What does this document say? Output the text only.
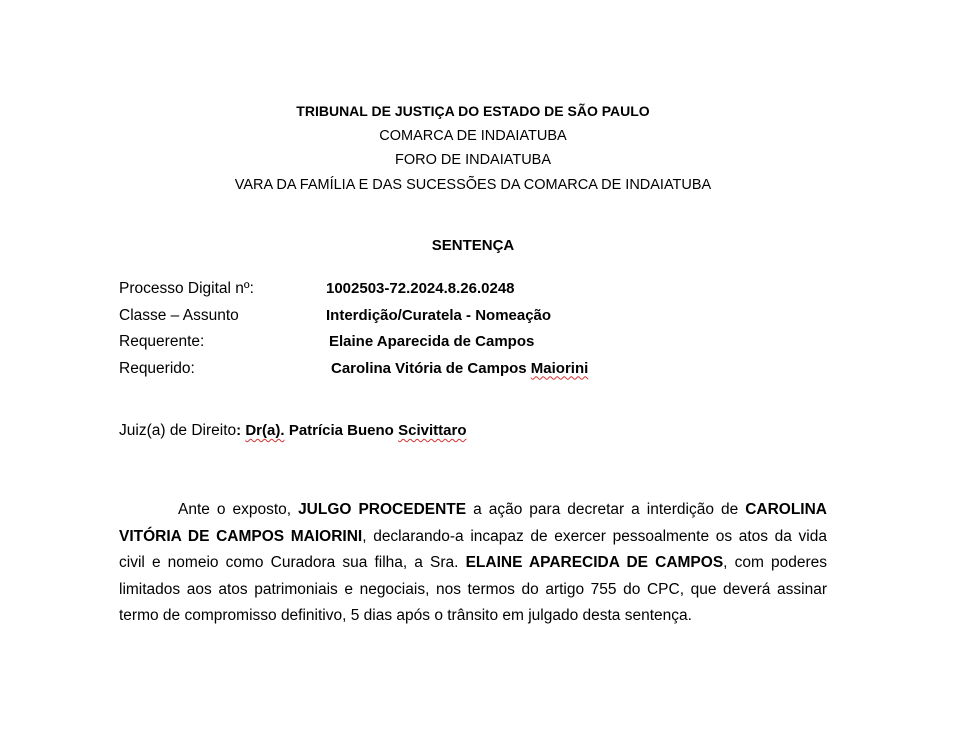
TRIBUNAL DE JUSTIÇA DO ESTADO DE SÃO PAULO
COMARCA DE INDAIATUBA
FORO DE INDAIATUBA
VARA DA FAMÍLIA E DAS SUCESSÕES DA COMARCA DE INDAIATUBA
SENTENÇA
Processo Digital nº:	1002503-72.2024.8.26.0248
Classe – Assunto	Interdição/Curatela - Nomeação
Requerente:	Elaine Aparecida de Campos
Requerido:	Carolina Vitória de Campos Maiorini
Juiz(a) de Direito: Dr(a). Patrícia Bueno Scivittaro

Ante o exposto, JULGO PROCEDENTE a ação para decretar a interdição de CAROLINA VITÓRIA DE CAMPOS MAIORINI, declarando-a incapaz de exercer pessoalmente os atos da vida civil e nomeio como Curadora sua filha, a Sra. ELAINE APARECIDA DE CAMPOS, com poderes limitados aos atos patrimoniais e negociais, nos termos do artigo 755 do CPC, que deverá assinar termo de compromisso definitivo, 5 dias após o trânsito em julgado desta sentença.
